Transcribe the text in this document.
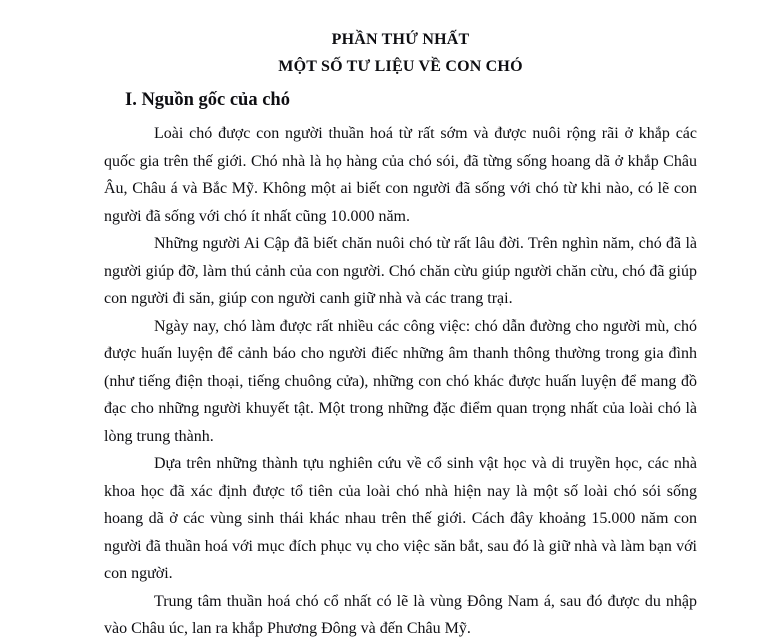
PHẦN THỨ NHẤT
MỘT SỐ TƯ LIỆU VỀ CON CHÓ
I. Nguồn gốc của chó

Loài chó được con người thuần hoá từ rất sớm và được nuôi rộng rãi ở khắp các quốc gia trên thế giới. Chó nhà là họ hàng của chó sói, đã từng sống hoang dã ở khắp Châu Âu, Châu á và Bắc Mỹ. Không một ai biết con người đã sống với chó từ khi nào, có lẽ con người đã sống với chó ít nhất cũng 10.000 năm.

Những người Ai Cập đã biết chăn nuôi chó từ rất lâu đời. Trên nghìn năm, chó đã là người giúp đỡ, làm thú cảnh của con người. Chó chăn cừu giúp người chăn cừu, chó đã giúp con người đi săn, giúp con người canh giữ nhà và các trang trại.

Ngày nay, chó làm được rất nhiều các công việc: chó dẫn đường cho người mù, chó được huấn luyện để cảnh báo cho người điếc những âm thanh thông thường trong gia đình (như tiếng điện thoại, tiếng chuông cửa), những con chó khác được huấn luyện để mang đồ đạc cho những người khuyết tật. Một trong những đặc điểm quan trọng nhất của loài chó là lòng trung thành.

Dựa trên những thành tựu nghiên cứu về cổ sinh vật học và di truyền học, các nhà khoa học đã xác định được tổ tiên của loài chó nhà hiện nay là một số loài chó sói sống hoang dã ở các vùng sinh thái khác nhau trên thế giới. Cách đây khoảng 15.000 năm con người đã thuần hoá với mục đích phục vụ cho việc săn bắt, sau đó là giữ nhà và làm bạn với con người.

Trung tâm thuần hoá chó cổ nhất có lẽ là vùng Đông Nam á, sau đó được du nhập vào Châu úc, lan ra khắp Phương Đông và đến Châu Mỹ.
